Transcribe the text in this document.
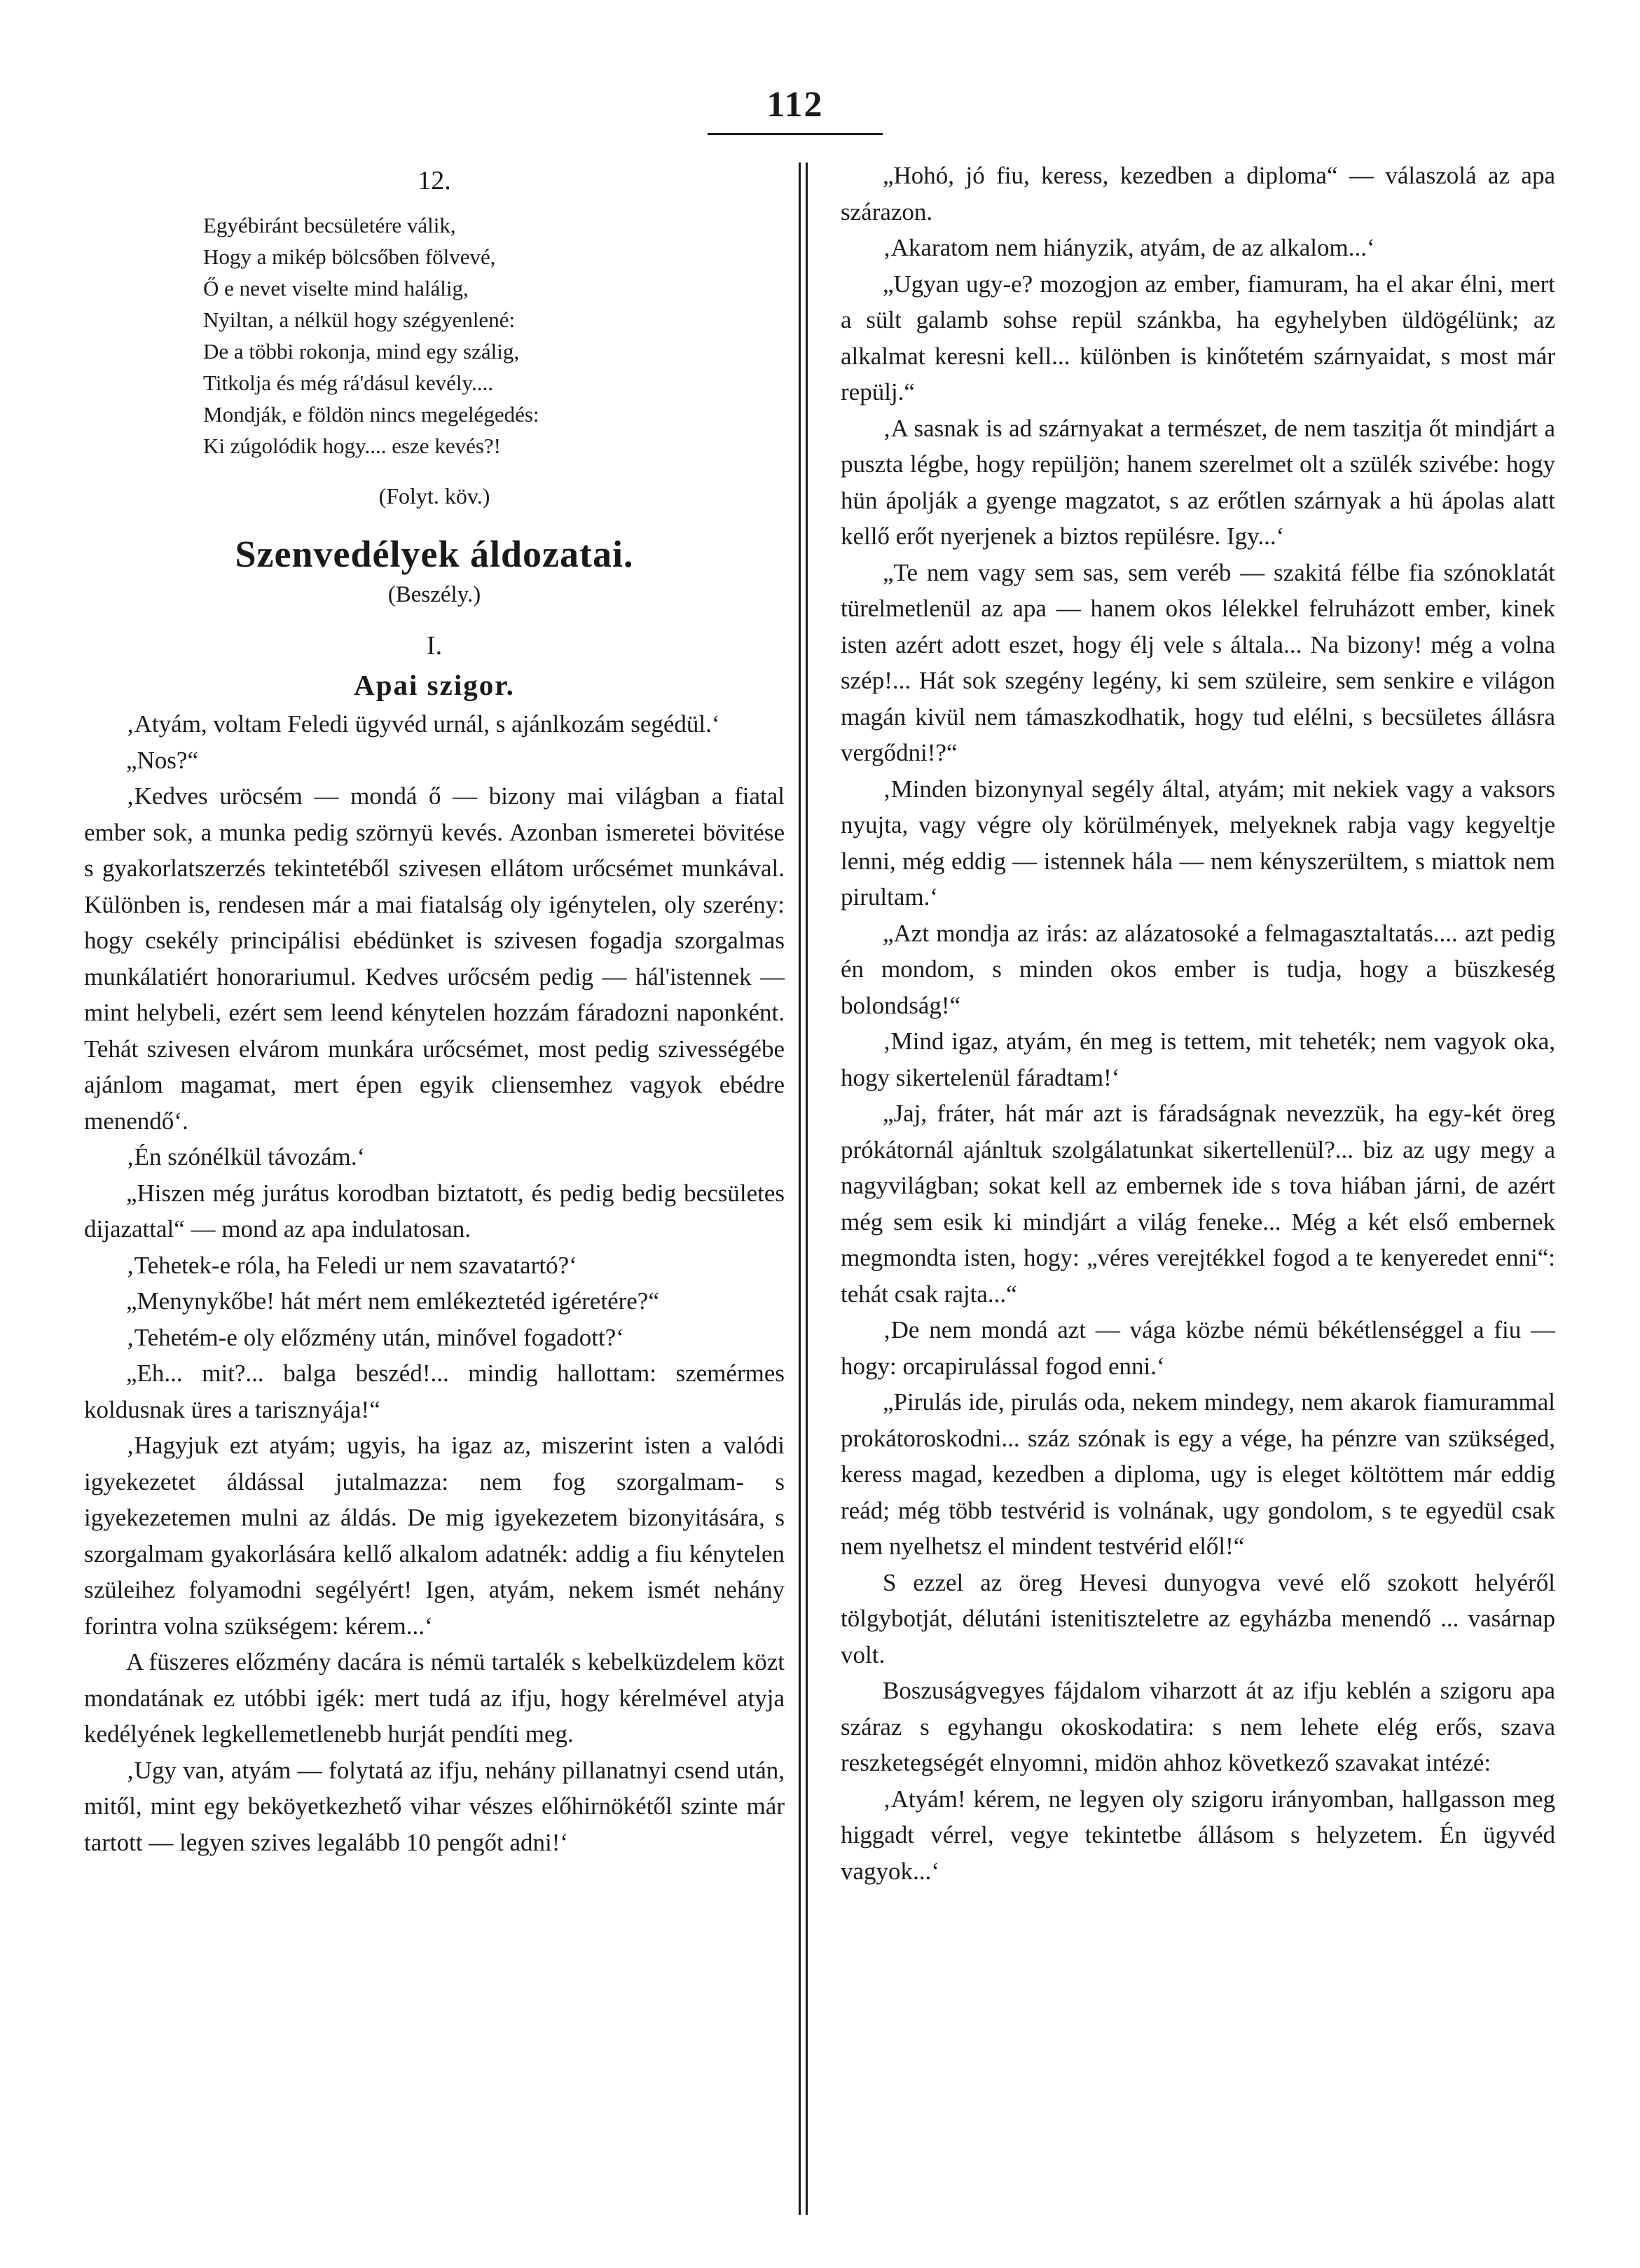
112
12.
Egyébiránt becsületére válik,
Hogy a mikép bölcsőben fölvevé,
Ő e nevet viselte mind halálig,
Nyiltan, a nélkül hogy szégyenlené:
De a többi rokonja, mind egy szálig,
Titkolja és még rá'dásul kevély....
Mondják, e földön nincs megelégedés:
Ki zúgolódik hogy.... esze kevés?!
(Folyt. köv.)
Szenvedélyek áldozatai.
(Beszély.)
I.
Apai szigor.

‚Atyám, voltam Feledi ügyvéd urnál, s ajánlkozám segédül.‘

„Nos?“

‚Kedves uröcsém — mondá ő — bizony mai világban a fiatal ember sok, a munka pedig szörnyü kevés. Azonban ismeretei bövitése s gyakorlatszerzés tekintetéből szivesen ellátom urőcsémet munkával. Különben is, rendesen már a mai fiatalság oly igénytelen, oly szerény: hogy csekély principálisi ebédünket is szivesen fogadja szorgalmas munkálatiért honorariumul. Kedves urőcsém pedig — hál'istennek — mint helybeli, ezért sem leend kénytelen hozzám fáradozni naponként. Tehát szivesen elvárom munkára urőcsémet, most pedig szivességébe ajánlom magamat, mert épen egyik cliensemhez vagyok ebédre menendő‘.

‚Én szónélkül távozám.‘

„Hiszen még jurátus korodban biztatott, és pedig bedig becsületes dijazattal“ — mond az apa indulatosan.

‚Tehetek-e róla, ha Feledi ur nem szavatartó?‘

„Menynykőbe! hát mért nem emlékeztetéd igéretére?“

‚Tehetém-e oly előzmény után, minővel fogadott?‘

„Eh... mit?... balga beszéd!... mindig hallottam: szemérmes koldusnak üres a tarisznyája!“

‚Hagyjuk ezt atyám; ugyis, ha igaz az, miszerint isten a valódi igyekezetet áldással jutalmazza: nem fog szorgalmam- s igyekezetemen mulni az áldás. De mig igyekezetem bizonyitására, s szorgalmam gyakorlására kellő alkalom adatnék: addig a fiu kénytelen szüleihez folyamodni segélyért! Igen, atyám, nekem ismét nehány forintra volna szükségem: kérem...‘

A füszeres előzmény dacára is némü tartalék s kebelküzdelem közt mondatának ez utóbbi igék: mert tudá az ifju, hogy kérelmével atyja kedélyének legkellemetlenebb hurját pendíti meg.

‚Ugy van, atyám — folytatá az ifju, nehány pillanatnyi csend után, mitől, mint egy beköyetkezhető vihar vészes előhirnökétől szinte már tartott — legyen szives legalább 10 pengőt adni!‘

„Hohó, jó fiu, keress, kezedben a diploma“ — válaszolá az apa szárazon.

‚Akaratom nem hiányzik, atyám, de az alkalom...‘

„Ugyan ugy-e? mozogjon az ember, fiamuram, ha el akar élni, mert a sült galamb sohse repül szánkba, ha egyhelyben üldögélünk; az alkalmat keresni kell... különben is kinőtetém szárnyaidat, s most már repülj.“

‚A sasnak is ad szárnyakat a természet, de nem taszitja őt mindjárt a puszta légbe, hogy repüljön; hanem szerelmet olt a szülék szivébe: hogy hün ápolják a gyenge magzatot, s az erőtlen szárnyak a hü ápolas alatt kellő erőt nyerjenek a biztos repülésre. Igy...‘

„Te nem vagy sem sas, sem veréb — szakitá félbe fia szónoklatát türelmetlenül az apa — hanem okos lélekkel felruházott ember, kinek isten azért adott eszet, hogy élj vele s általa... Na bizony! még a volna szép!... Hát sok szegény legény, ki sem szüleire, sem senkire e világon magán kivül nem támaszkodhatik, hogy tud elélni, s becsületes állásra vergődni!?“

‚Minden bizonynyal segély által, atyám; mit nekiek vagy a vaksors nyujta, vagy végre oly körülmények, melyeknek rabja vagy kegyeltje lenni, még eddig — istennek hála — nem kényszerültem, s miattok nem pirultam.‘

„Azt mondja az irás: az alázatosoké a felmagasztaltatás.... azt pedig én mondom, s minden okos ember is tudja, hogy a büszkeség bolondság!“

‚Mind igaz, atyám, én meg is tettem, mit teheték; nem vagyok oka, hogy sikertelenül fáradtam!‘

„Jaj, fráter, hát már azt is fáradságnak nevezzük, ha egy-két öreg prókátornál ajánltuk szolgálatunkat sikertellenül?... biz az ugy megy a nagyvilágban; sokat kell az embernek ide s tova hiában járni, de azért még sem esik ki mindjárt a világ feneke... Még a két első embernek megmondta isten, hogy: „véres verejtékkel fogod a te kenyeredet enni“: tehát csak rajta...“

‚De nem mondá azt — vága közbe némü békétlenséggel a fiu — hogy: orcapirulással fogod enni.‘

„Pirulás ide, pirulás oda, nekem mindegy, nem akarok fiamurammal prokátoroskodni... száz szónak is egy a vége, ha pénzre van szükséged, keress magad, kezedben a diploma, ugy is eleget költöttem már eddig reád; még több testvérid is volnának, ugy gondolom, s te egyedül csak nem nyelhetsz el mindent testvérid elől!“

S ezzel az öreg Hevesi dunyogva vevé elő szokott helyéről tölgybotját, délutáni istenitiszteletre az egyházba menendő ... vasárnap volt.

Boszuságvegyes fájdalom viharzott át az ifju keblén a szigoru apa száraz s egyhangu okoskodatira: s nem lehete elég erős, szava reszketegségét elnyomni, midön ahhoz következő szavakat intézé:

‚Atyám! kérem, ne legyen oly szigoru irányomban, hallgasson meg higgadt vérrel, vegye tekintetbe állásom s helyzetem. Én ügyvéd vagyok...‘
